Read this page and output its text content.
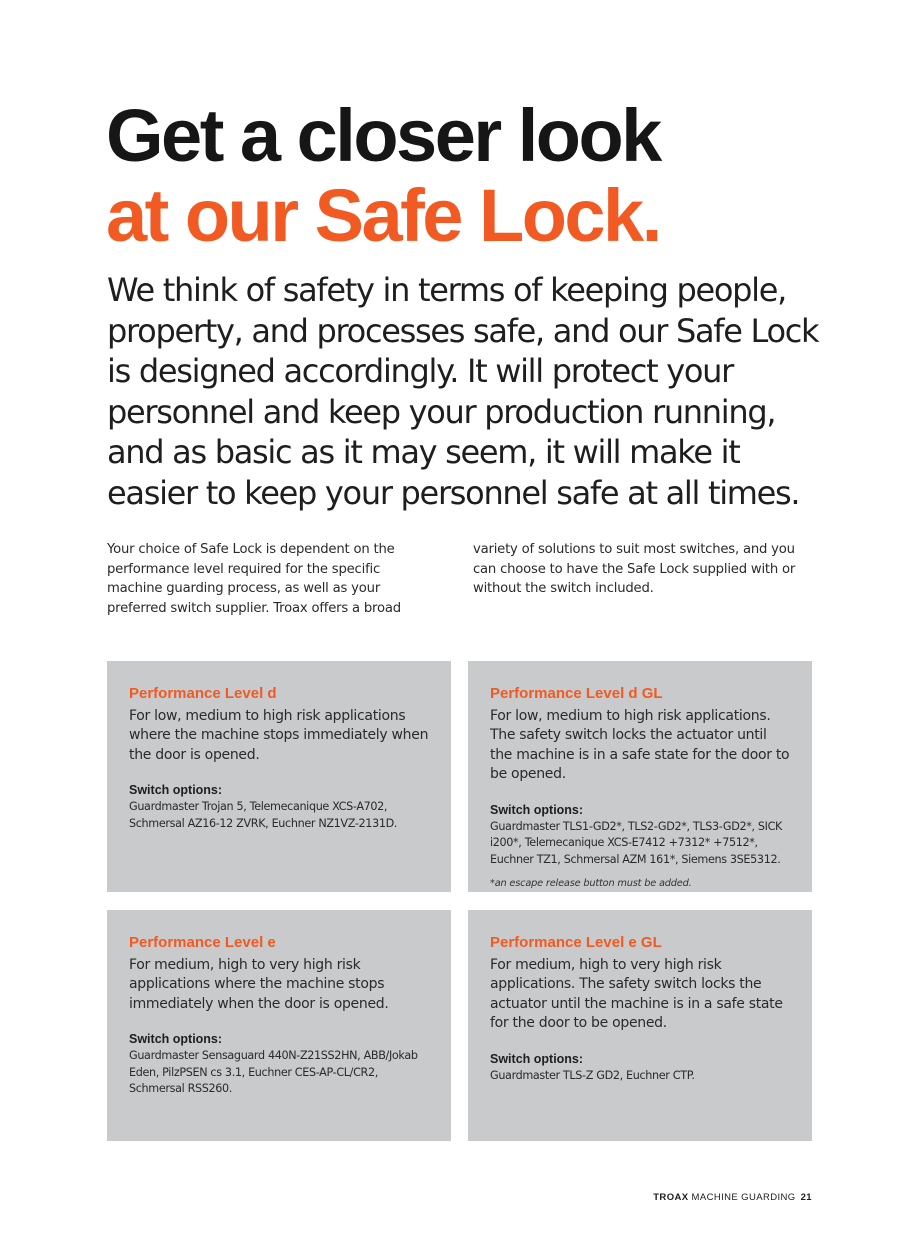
Get a closer look
at our Safe Lock.

We think of safety in terms of keeping people, property, and processes safe, and our Safe Lock is designed accordingly. It will protect your personnel and keep your production running, and as basic as it may seem, it will make it easier to keep your personnel safe at all times.

Your choice of Safe Lock is dependent on the performance level required for the specific machine guarding process, as well as your preferred switch supplier. Troax offers a broad

variety of solutions to suit most switches, and you can choose to have the Safe Lock supplied with or without the switch included.

Performance Level d

For low, medium to high risk applications where the machine stops immediately when the door is opened.

Switch options:

Guardmaster Trojan 5, Telemecanique XCS-A702, Schmersal AZ16-12 ZVRK, Euchner NZ1VZ-2131D.

Performance Level d GL

For low, medium to high risk applications. The safety switch locks the actuator until the machine is in a safe state for the door to be opened.

Switch options:

Guardmaster TLS1-GD2*, TLS2-GD2*, TLS3-GD2*, SICK i200*, Telemecanique XCS-E7412 +7312* +7512*, Euchner TZ1, Schmersal AZM 161*, Siemens 3SE5312.

*an escape release button must be added.

Performance Level e

For medium, high to very high risk applications where the machine stops immediately when the door is opened.

Switch options:

Guardmaster Sensaguard 440N-Z21SS2HN, ABB/Jokab Eden, PilzPSEN cs 3.1, Euchner CES-AP-CL/CR2, Schmersal RSS260.

Performance Level e GL

For medium, high to very high risk applications. The safety switch locks the actuator until the machine is in a safe state for the door to be opened.

Switch options:

Guardmaster TLS-Z GD2, Euchner CTP.

TROAX MACHINE GUARDING 21
